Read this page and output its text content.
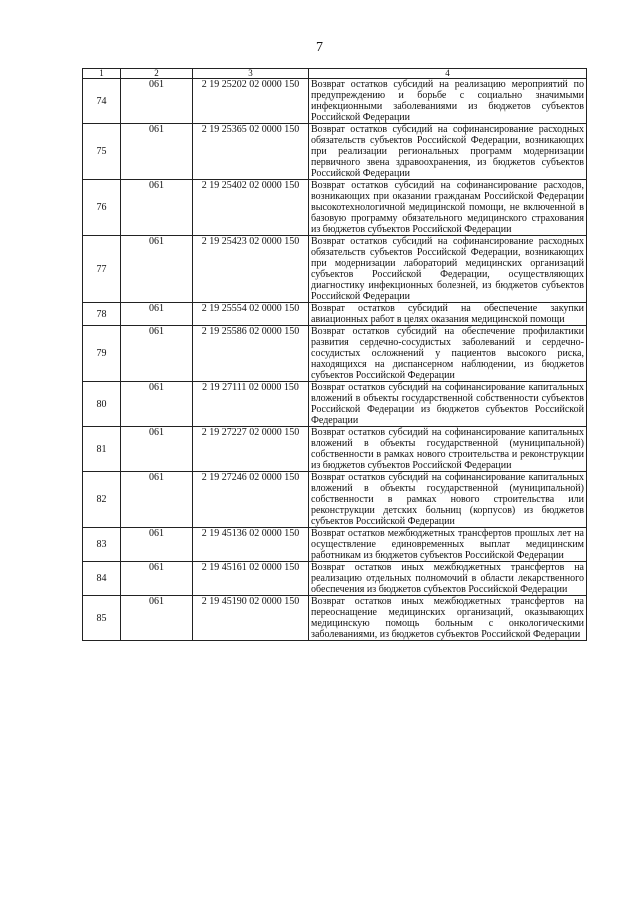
7
1	2	3	4
74	061	2 19 25202 02 0000 150	Возврат остатков субсидий на реализацию мероприятий по предупреждению и борьбе с социально значимыми инфекционными заболеваниями из бюджетов субъектов Российской Федерации
75	061	2 19 25365 02 0000 150	Возврат остатков субсидий на софинансирование расходных обязательств субъектов Российской Федерации, возникающих при реализации региональных программ модернизации первичного звена здравоохранения, из бюджетов субъектов Российской Федерации
76	061	2 19 25402 02 0000 150	Возврат остатков субсидий на софинансирование расходов, возникающих при оказании гражданам Российской Федерации высокотехнологичной медицинской помощи, не включенной в базовую программу обязательного медицинского страхования из бюджетов субъектов Российской Федерации
77	061	2 19 25423 02 0000 150	Возврат остатков субсидий на софинансирование расходных обязательств субъектов Российской Федерации, возникающих при модернизации лабораторий медицинских организаций субъектов Российской Федерации, осуществляющих диагностику инфекционных болезней, из бюджетов субъектов Российской Федерации
78	061	2 19 25554 02 0000 150	Возврат остатков субсидий на обеспечение закупки авиационных работ в целях оказания медицинской помощи
79	061	2 19 25586 02 0000 150	Возврат остатков субсидий на обеспечение профилактики развития сердечно-сосудистых заболеваний и сердечно-сосудистых осложнений у пациентов высокого риска, находящихся на диспансерном наблюдении, из бюджетов субъектов Российской Федерации
80	061	2 19 27111 02 0000 150	Возврат остатков субсидий на софинансирование капитальных вложений в объекты государственной собственности субъектов Российской Федерации из бюджетов субъектов Российской Федерации
81	061	2 19 27227 02 0000 150	Возврат остатков субсидий на софинансирование капитальных вложений в объекты государственной (муниципальной) собственности в рамках нового строительства и реконструкции из бюджетов субъектов Российской Федерации
82	061	2 19 27246 02 0000 150	Возврат остатков субсидий на софинансирование капитальных вложений в объекты государственной (муниципальной) собственности в рамках нового строительства или реконструкции детских больниц (корпусов) из бюджетов субъектов Российской Федерации
83	061	2 19 45136 02 0000 150	Возврат остатков межбюджетных трансфертов прошлых лет на осуществление единовременных выплат медицинским работникам из бюджетов субъектов Российской Федерации
84	061	2 19 45161 02 0000 150	Возврат остатков иных межбюджетных трансфертов на реализацию отдельных полномочий в области лекарственного обеспечения из бюджетов субъектов Российской Федерации
85	061	2 19 45190 02 0000 150	Возврат остатков иных межбюджетных трансфертов на переоснащение медицинских организаций, оказывающих медицинскую помощь больным с онкологическими заболеваниями, из бюджетов субъектов Российской Федерации
